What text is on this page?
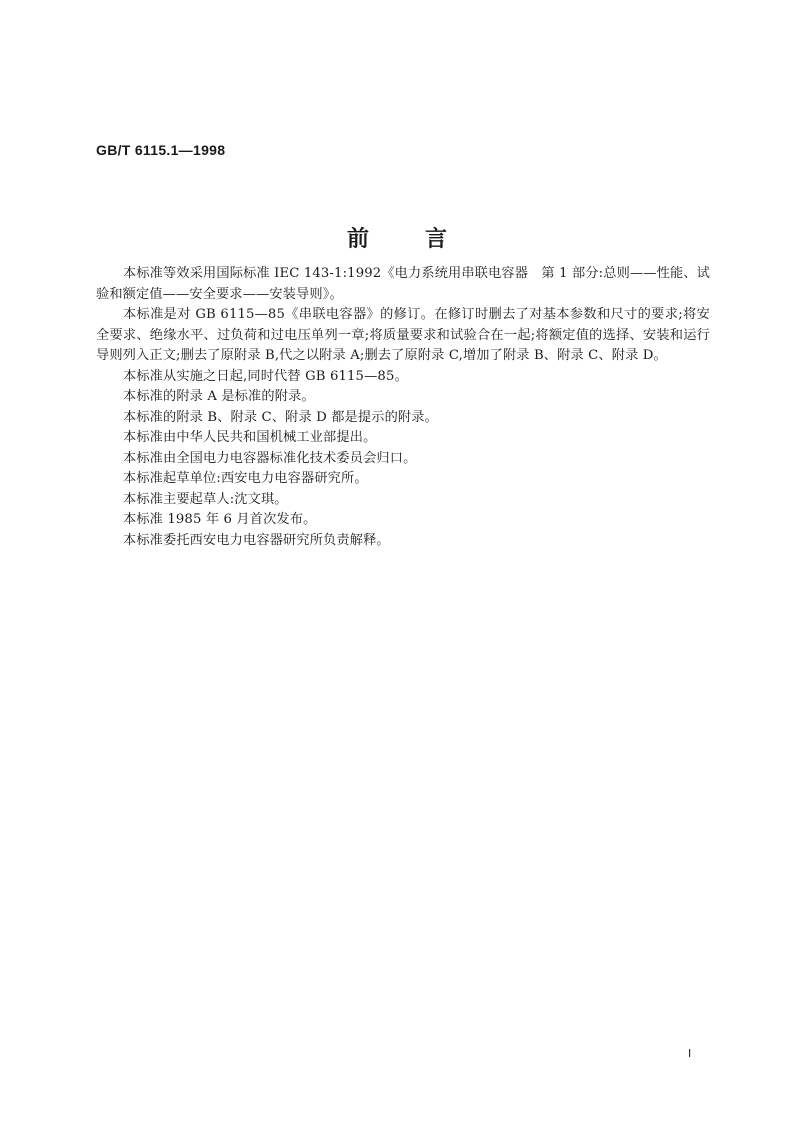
GB/T 6115.1—1998
前言

本标准等效采用国际标准 IEC 143-1:1992《电力系统用串联电容器　第 1 部分:总则——性能、试验和额定值——安全要求——安装导则》。

本标准是对 GB 6115—85《串联电容器》的修订。在修订时删去了对基本参数和尺寸的要求;将安全要求、绝缘水平、过负荷和过电压单列一章;将质量要求和试验合在一起;将额定值的选择、安装和运行导则列入正文;删去了原附录 B,代之以附录 A;删去了原附录 C,增加了附录 B、附录 C、附录 D。

本标准从实施之日起,同时代替 GB 6115—85。

本标准的附录 A 是标准的附录。

本标准的附录 B、附录 C、附录 D 都是提示的附录。

本标准由中华人民共和国机械工业部提出。

本标准由全国电力电容器标准化技术委员会归口。

本标准起草单位:西安电力电容器研究所。

本标准主要起草人:沈文琪。

本标准 1985 年 6 月首次发布。

本标准委托西安电力电容器研究所负责解释。

I
